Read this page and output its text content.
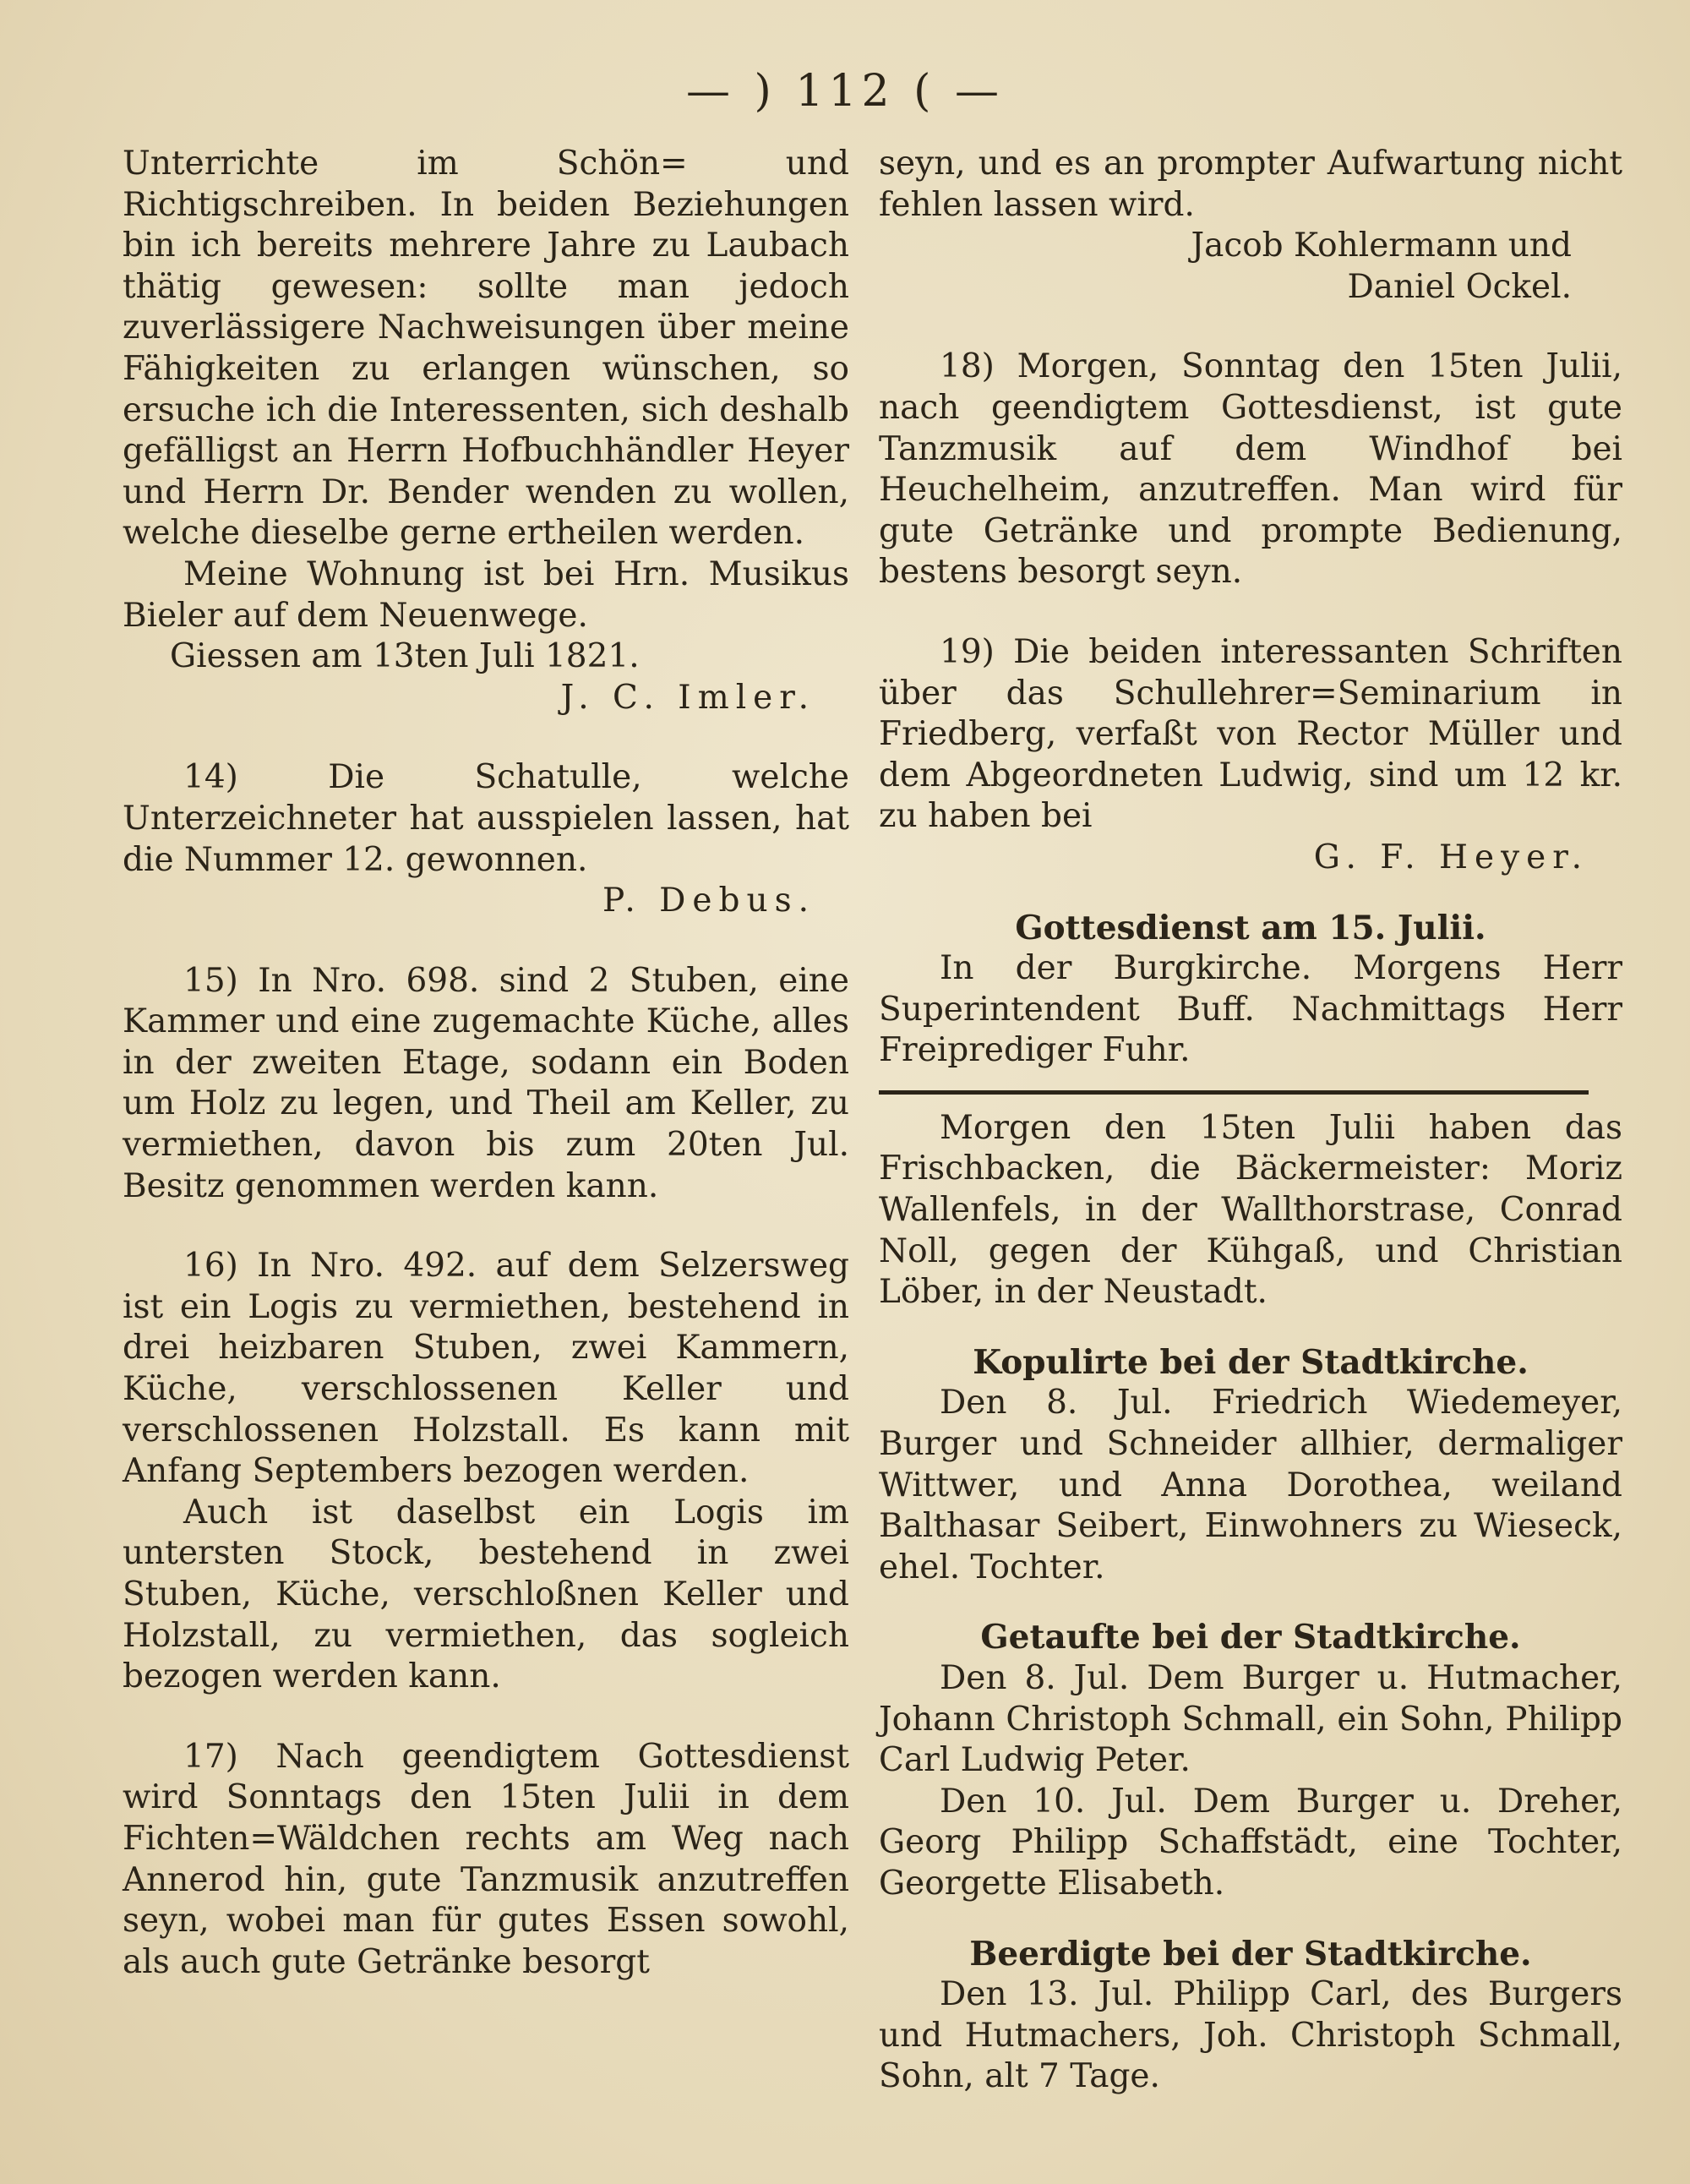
— ) 112 ( —

Unterrichte im Schön= und Richtigschreiben. In beiden Beziehungen bin ich bereits mehrere Jahre zu Laubach thätig gewesen: sollte man jedoch zuverlässigere Nachweisungen über meine Fähigkeiten zu erlangen wünschen, so ersuche ich die Interessenten, sich deshalb gefälligst an Herrn Hofbuchhändler Heyer und Herrn Dr. Bender wenden zu wollen, welche dieselbe gerne ertheilen werden.

Meine Wohnung ist bei Hrn. Musikus Bieler auf dem Neuenwege.

Giessen am 13ten Juli 1821.

J. C. Imler.

14) Die Schatulle, welche Unterzeichneter hat ausspielen lassen, hat die Nummer 12. gewonnen.

P. Debus.

15) In Nro. 698. sind 2 Stuben, eine Kammer und eine zugemachte Küche, alles in der zweiten Etage, sodann ein Boden um Holz zu legen, und Theil am Keller, zu vermiethen, davon bis zum 20ten Jul. Besitz genommen werden kann.

16) In Nro. 492. auf dem Selzersweg ist ein Logis zu vermiethen, bestehend in drei heizbaren Stuben, zwei Kammern, Küche, verschlossenen Keller und verschlossenen Holzstall. Es kann mit Anfang Septembers bezogen werden.

Auch ist daselbst ein Logis im untersten Stock, bestehend in zwei Stuben, Küche, verschloßnen Keller und Holzstall, zu vermiethen, das sogleich bezogen werden kann.

17) Nach geendigtem Gottesdienst wird Sonntags den 15ten Julii in dem Fichten=Wäldchen rechts am Weg nach Annerod hin, gute Tanzmusik anzutreffen seyn, wobei man für gutes Essen sowohl, als auch gute Getränke besorgt

seyn, und es an prompter Aufwartung nicht fehlen lassen wird.

Jacob Kohlermann und

Daniel Ockel.

18) Morgen, Sonntag den 15ten Julii, nach geendigtem Gottesdienst, ist gute Tanzmusik auf dem Windhof bei Heuchelheim, anzutreffen. Man wird für gute Getränke und prompte Bedienung, bestens besorgt seyn.

19) Die beiden interessanten Schriften über das Schullehrer=Seminarium in Friedberg, verfaßt von Rector Müller und dem Abgeordneten Ludwig, sind um 12 kr. zu haben bei

G. F. Heyer.

Gottesdienst am 15. Julii.

In der Burgkirche. Morgens Herr Superintendent Buff. Nachmittags Herr Freiprediger Fuhr.

Morgen den 15ten Julii haben das Frischbacken, die Bäckermeister: Moriz Wallenfels, in der Wallthorstrase, Conrad Noll, gegen der Kühgaß, und Christian Löber, in der Neustadt.

Kopulirte bei der Stadtkirche.

Den 8. Jul. Friedrich Wiedemeyer, Burger und Schneider allhier, dermaliger Wittwer, und Anna Dorothea, weiland Balthasar Seibert, Einwohners zu Wieseck, ehel. Tochter.

Getaufte bei der Stadtkirche.

Den 8. Jul. Dem Burger u. Hutmacher, Johann Christoph Schmall, ein Sohn, Philipp Carl Ludwig Peter.

Den 10. Jul. Dem Burger u. Dreher, Georg Philipp Schaffstädt, eine Tochter, Georgette Elisabeth.

Beerdigte bei der Stadtkirche.

Den 13. Jul. Philipp Carl, des Burgers und Hutmachers, Joh. Christoph Schmall, Sohn, alt 7 Tage.
